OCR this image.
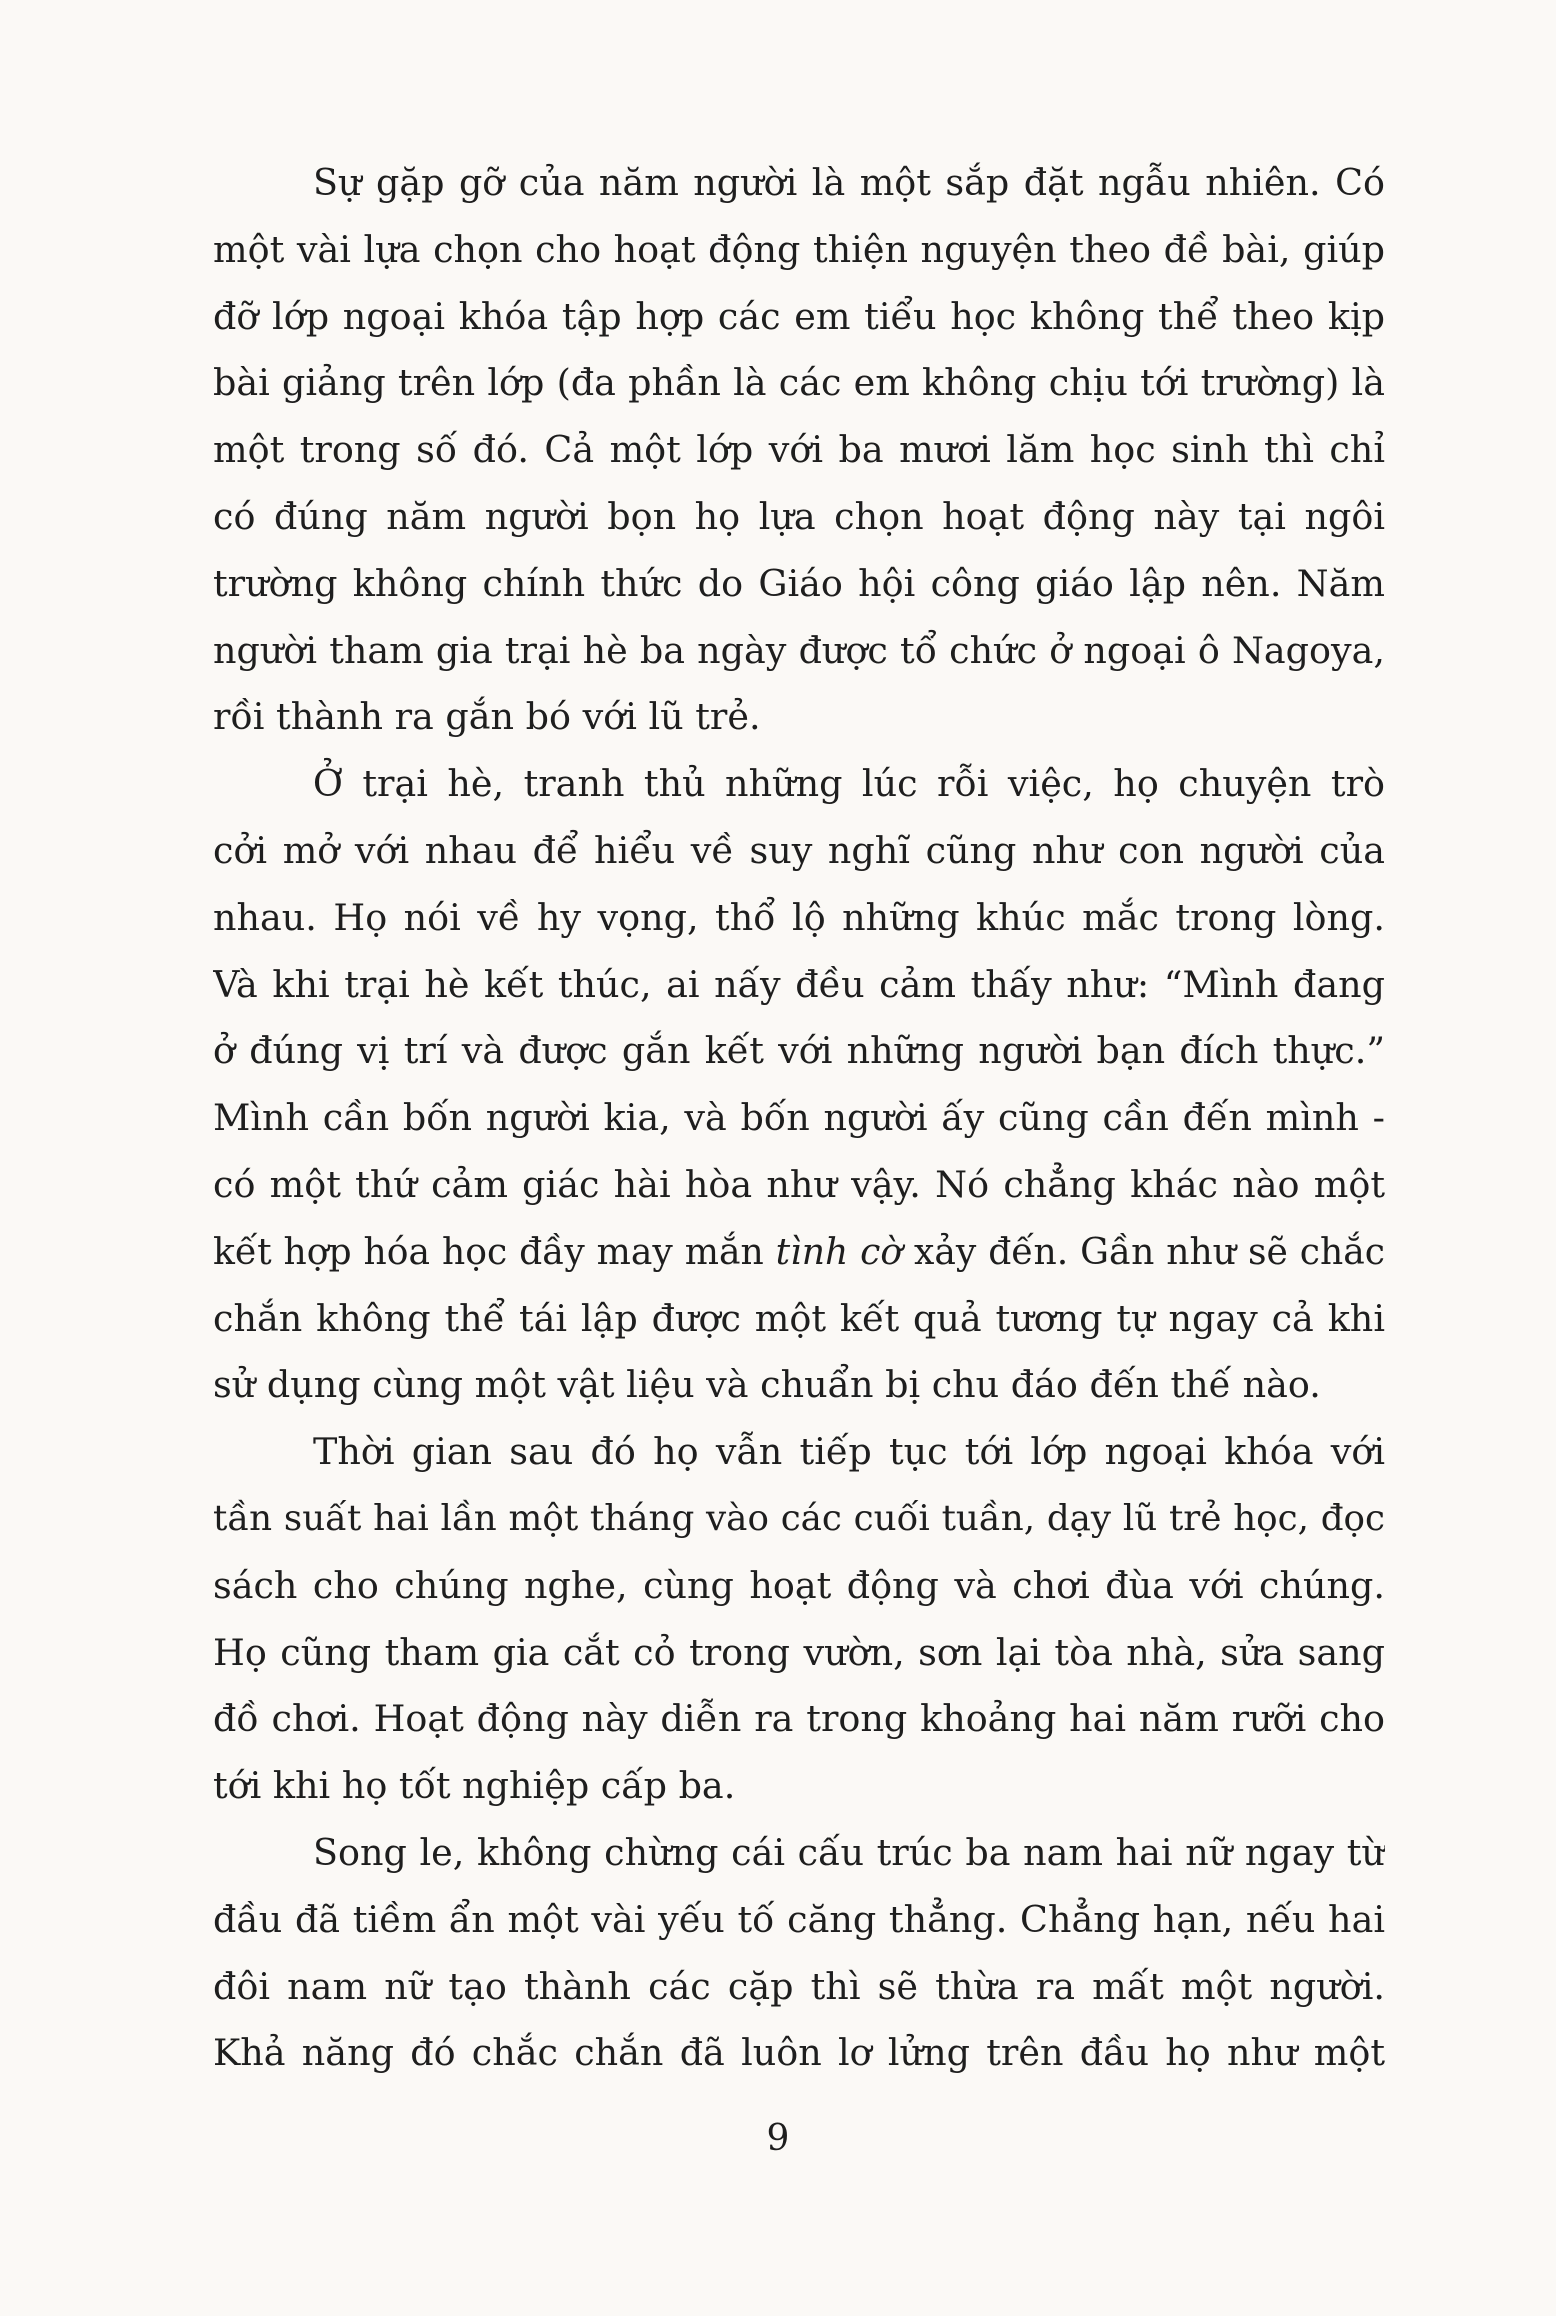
Sự gặp gỡ của năm người là một sắp đặt ngẫu nhiên. Có
một vài lựa chọn cho hoạt động thiện nguyện theo đề bài, giúp
đỡ lớp ngoại khóa tập hợp các em tiểu học không thể theo kịp
bài giảng trên lớp (đa phần là các em không chịu tới trường) là
một trong số đó. Cả một lớp với ba mươi lăm học sinh thì chỉ
có đúng năm người bọn họ lựa chọn hoạt động này tại ngôi
trường không chính thức do Giáo hội công giáo lập nên. Năm
người tham gia trại hè ba ngày được tổ chức ở ngoại ô Nagoya,
rồi thành ra gắn bó với lũ trẻ.
Ở trại hè, tranh thủ những lúc rỗi việc, họ chuyện trò
cởi mở với nhau để hiểu về suy nghĩ cũng như con người của
nhau. Họ nói về hy vọng, thổ lộ những khúc mắc trong lòng.
Và khi trại hè kết thúc, ai nấy đều cảm thấy như: “Mình đang
ở đúng vị trí và được gắn kết với những người bạn đích thực.”
Mình cần bốn người kia, và bốn người ấy cũng cần đến mình -
có một thứ cảm giác hài hòa như vậy. Nó chẳng khác nào một
kết hợp hóa học đầy may mắn tình cờ xảy đến. Gần như sẽ chắc
chắn không thể tái lập được một kết quả tương tự ngay cả khi
sử dụng cùng một vật liệu và chuẩn bị chu đáo đến thế nào.
Thời gian sau đó họ vẫn tiếp tục tới lớp ngoại khóa với
tần suất hai lần một tháng vào các cuối tuần, dạy lũ trẻ học, đọc
sách cho chúng nghe, cùng hoạt động và chơi đùa với chúng.
Họ cũng tham gia cắt cỏ trong vườn, sơn lại tòa nhà, sửa sang
đồ chơi. Hoạt động này diễn ra trong khoảng hai năm rưỡi cho
tới khi họ tốt nghiệp cấp ba.
Song le, không chừng cái cấu trúc ba nam hai nữ ngay từ
đầu đã tiềm ẩn một vài yếu tố căng thẳng. Chẳng hạn, nếu hai
đôi nam nữ tạo thành các cặp thì sẽ thừa ra mất một người.
Khả năng đó chắc chắn đã luôn lơ lửng trên đầu họ như một
9
